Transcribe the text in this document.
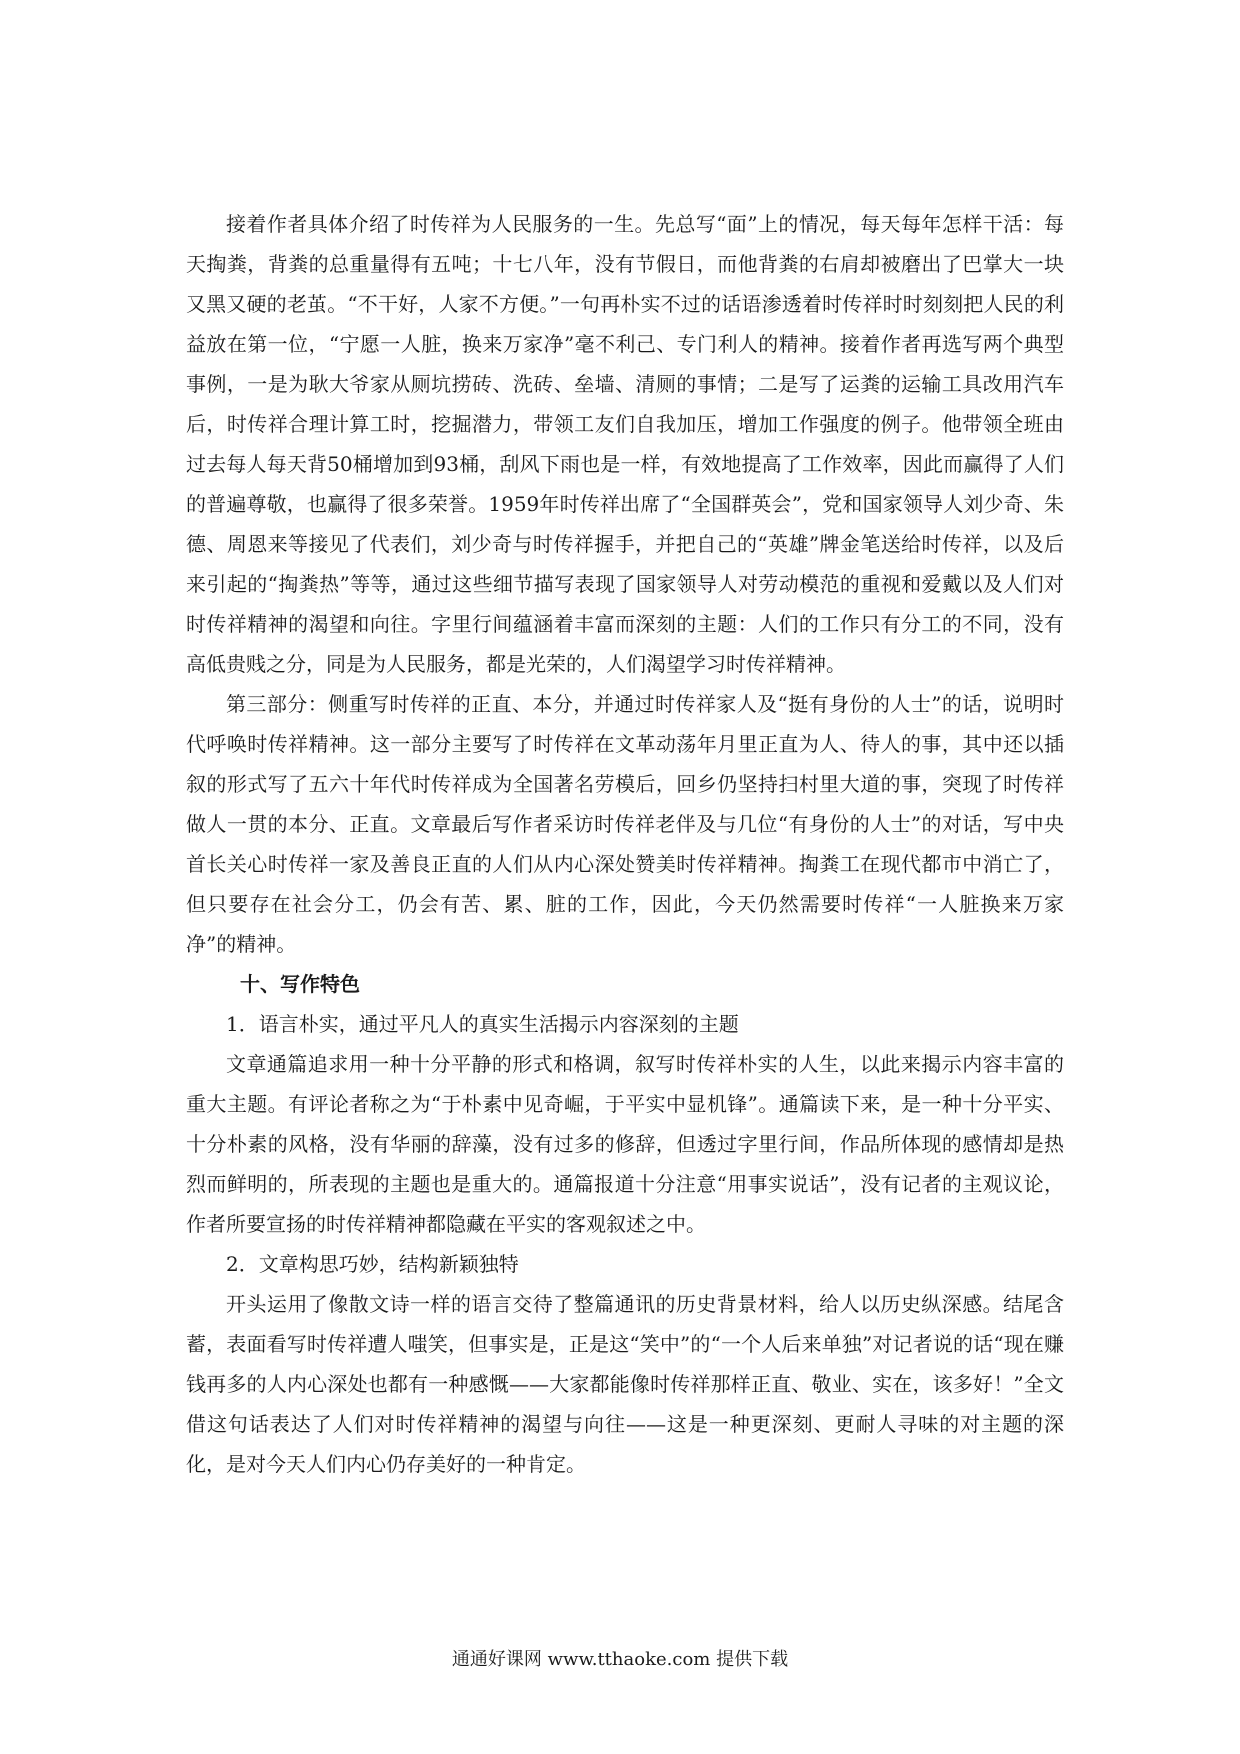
接着作者具体介绍了时传祥为人民服务的一生。先总写“面”上的情况，每天每年怎样干活：每天掏粪，背粪的总重量得有五吨；十七八年，没有节假日，而他背粪的右肩却被磨出了巴掌大一块又黑又硬的老茧。“不干好，人家不方便。”一句再朴实不过的话语渗透着时传祥时时刻刻把人民的利益放在第一位，“宁愿一人脏，换来万家净”毫不利己、专门利人的精神。接着作者再选写两个典型事例，一是为耿大爷家从厕坑捞砖、洗砖、垒墙、清厕的事情；二是写了运粪的运输工具改用汽车后，时传祥合理计算工时，挖掘潜力，带领工友们自我加压，增加工作强度的例子。他带领全班由过去每人每天背50桶增加到93桶，刮风下雨也是一样，有效地提高了工作效率，因此而赢得了人们的普遍尊敬，也赢得了很多荣誉。1959年时传祥出席了“全国群英会”，党和国家领导人刘少奇、朱德、周恩来等接见了代表们，刘少奇与时传祥握手，并把自己的“英雄”牌金笔送给时传祥，以及后来引起的“掏粪热”等等，通过这些细节描写表现了国家领导人对劳动模范的重视和爱戴以及人们对时传祥精神的渴望和向往。字里行间蕴涵着丰富而深刻的主题：人们的工作只有分工的不同，没有高低贵贱之分，同是为人民服务，都是光荣的，人们渴望学习时传祥精神。

第三部分：侧重写时传祥的正直、本分，并通过时传祥家人及“挺有身份的人士”的话，说明时代呼唤时传祥精神。这一部分主要写了时传祥在文革动荡年月里正直为人、待人的事，其中还以插叙的形式写了五六十年代时传祥成为全国著名劳模后，回乡仍坚持扫村里大道的事，突现了时传祥做人一贯的本分、正直。文章最后写作者采访时传祥老伴及与几位“有身份的人士”的对话，写中央首长关心时传祥一家及善良正直的人们从内心深处赞美时传祥精神。掏粪工在现代都市中消亡了，但只要存在社会分工，仍会有苦、累、脏的工作，因此，今天仍然需要时传祥“一人脏换来万家净”的精神。

十、写作特色

1．语言朴实，通过平凡人的真实生活揭示内容深刻的主题

文章通篇追求用一种十分平静的形式和格调，叙写时传祥朴实的人生，以此来揭示内容丰富的重大主题。有评论者称之为“于朴素中见奇崛，于平实中显机锋”。通篇读下来，是一种十分平实、十分朴素的风格，没有华丽的辞藻，没有过多的修辞，但透过字里行间，作品所体现的感情却是热烈而鲜明的，所表现的主题也是重大的。通篇报道十分注意“用事实说话”，没有记者的主观议论，作者所要宣扬的时传祥精神都隐藏在平实的客观叙述之中。

2．文章构思巧妙，结构新颖独特

开头运用了像散文诗一样的语言交待了整篇通讯的历史背景材料，给人以历史纵深感。结尾含蓄，表面看写时传祥遭人嗤笑，但事实是，正是这“笑中”的“一个人后来单独”对记者说的话“现在赚钱再多的人内心深处也都有一种感慨——大家都能像时传祥那样正直、敬业、实在，该多好！”全文借这句话表达了人们对时传祥精神的渴望与向往——这是一种更深刻、更耐人寻味的对主题的深化，是对今天人们内心仍存美好的一种肯定。

通通好课网 www.tthaoke.com 提供下载
